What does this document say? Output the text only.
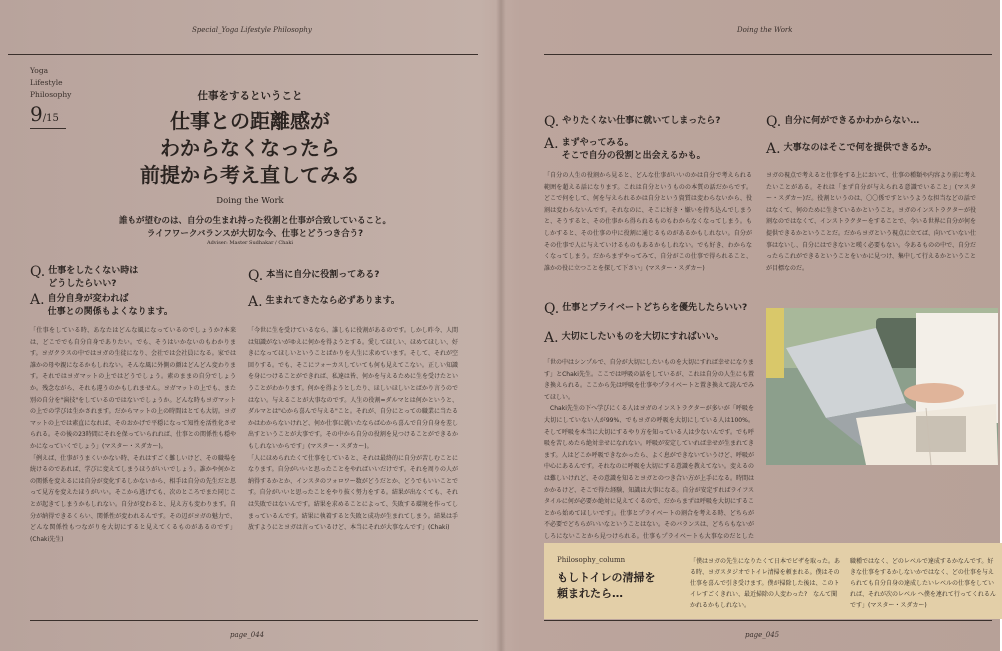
Special_Yoga Lifestyle Philosophy	Doing the Work
Yoga
Lifestyle
Philosophy
9/15
仕事をするということ
仕事との距離感が
わからなくなったら
前提から考え直してみる
Doing the Work
誰もが望むのは、自分の生まれ持った役割と仕事が合致していること。
ライフワークバランスが大切な今、仕事とどうつき合う?
Adviser: Master Sudhakar / Chaki
Q. 仕事をしたくない時は
どうしたらいい?
A. 自分自身が変われば
仕事との関係もよくなります。
「仕事をしている時、あなたはどんな風になっているのでしょうか?本来は、どこででも自分自身でありたい。でも、そうはいかないのもわかります。ヨガクラスの中ではヨガの生徒になり、会社では会社員になる。家では誰かの母や親になるかもしれない。そんな風に外側の顔はどんどん変わります。それではヨガマットの上ではどうでしょう。素のままの自分でしょうか。残念ながら、それも違うのかもしれません。ヨガマットの上でも、また別の自分を"演技"をしているのではないでしょうか。どんな時もヨガマットの上での学びは生かされます。だからマットの上の時間はとても大切。ヨガマットの上では素直になれば、そのおかげで平穏になって知性を活性化させられる。その後の23時間にそれを保っていられれば、仕事との関係性も穏やかになっていくでしょう」(マスター・スダカー)。
「例えば、仕事がうまくいかない時、それはすごく難しいけど、その職場を続けるのであれば、学びに変えてしまうほうがいいでしょう。誰かや何かとの関係を変えるには自分が変化するしかないから、相手は自分の先生だと思って見方を変えたほうがいい。そこから逃げても、次のところでまた同じことが起きてしまうかもしれない。自分が変わると、見え方も変わります。自分が納得できるくらい、関係性が変われるんです。その辺がヨガの魅力で、どんな関係性もつながりを大切にすると見えてくるものがあるのです」(Chaki先生)
Q. 本当に自分に役割ってある?
A. 生まれてきたなら必ずあります。
「今世に生を受けているなら、誰しもに役割があるのです。しかし昨今、人間は知識がないがゆえに何かを得ようとする。愛してほしい、ほめてほしい、好きになってほしいということばかりを人生に求めています。そして、それが空回りする。でも、そこにフォーカスしていても何も見えてこない。正しい知識を身につけることができれば、私達は皆、何かを与えるために生を受けたということがわかります。何かを得ようとしたり、ほしいほしいとばかり言うのではない。与えることが大事なのです。人生の役割=ダルマとは何かというと、ダルマとは"心から喜んで与える"こと。それが、自分にとっての職業に当たるかはわからないけれど、何か仕事に就いたならば心から喜んで自分自身を差し出すということが大事です。その中から自分の役割を見つけることができるかもしれないからです」(マスター・スダカー)。
「人にほめられたくて仕事をしていると、それは最終的に自分が苦しむことになります。自分がいいと思ったことをやればいいだけです。それを周りの人が納得するかとか、インスタのフォロワー数がどうだとか、どうでもいいことです。自分がいいと思ったことをやり抜く努力をする。結果が出なくても、それは失敗ではないんです。結果を求めることによって、失敗する環境を作ってしまっているんです。結果に執着すると失敗と成功が生まれてしまう。結果は手放すようにとヨガは言っているけど、本当にそれが大事なんです」(Chaki)
page_044
Q. やりたくない仕事に就いてしまったら?
A. まずやってみる。
そこで自分の役割と出会えるかも。
「自分の人生の役割から見ると、どんな仕事がいいのかは自分で考えられる範囲を超える話になります。これは自分というものの本質の話だからです。どこで何をして、何を与えられるかは自分という資質は変わらないから、役割は変わらないんです。それなのに、そこに好き・嫌いを持ち込んでしまうと、そうすると、その仕事から得られるものもわからなくなってしまう。もしかすると、その仕事の中に役割に通じるものがあるかもしれない。自分がその仕事で人に与えていけるものもあるかもしれない。でも好き、わからなくなってしまう。だからまずやってみて、自分がこの仕事で得られること、誰かの役に立つことを探して下さい」(マスター・スダカー)
Q. 自分に何ができるかわからない…
A. 大事なのはそこで何を提供できるか。
ヨガの視点で考えると仕事をする上において、仕事の種類や内容より前に考えたいことがある。それは「まず自分が与えられる意識でいること」(マスター・スダカー)だ。役割というのは、〇〇係ですというような担当などの話ではなくて、何のために生きているかということ。ヨガのインストラクターが役割なのではなくて、インストラクターをすることで、今いる世界に自分が何を提供できるかということだ。だからヨガという視点に立てば、向いていない仕事はないし、自分にはできないと嘆く必要もない。今あるものの中で、自分だったらこれができるということをいかに見つけ、集中して行えるかということが目標なのだ。
Q. 仕事とプライベートどちらを優先したらいい?
A. 大切にしたいものを大切にすればいい。
「世の中はシンプルで、自分が大切にしたいものを大切にすれば幸せになります」とChaki先生。ここでは呼吸の話をしているが、これは自分の人生にも置き換えられる。ここから先は呼吸を仕事やプライベートと置き換えて読んでみてほしい。
　Chaki先生の下へ学びにくる人はヨガのインストラクターが多いが「呼吸を大切にしていない人が99%、でもヨガの呼吸を大切にしている人は100%。そして呼吸を本当に大切にするやり方を知っている人は少ないんです。でも呼吸を苦しめたら絶対幸せになれない。呼吸が安定していれば幸せが生まれてきます。人はどこか呼吸できなかったら、よく息ができないていうけど、呼吸が中心にあるんです。それなのに呼吸を大切にする意識を教えてない。変えるのは難しいけれど、その意識を知るとヨガとのつき合い方が上手になる。時間はかかるけど、そこで得た経験、知識は大事になる。自分が安定すればライフスタイルに何が必要か絶対に見えてくるので、だからまずは呼吸を大切にすることから始めてほしいです」。仕事とプライベートの割合を考える時、どちらが不必要でどちらがいいなということはない。そのバランスは、どちらもないがしろにないことから見つけられる。仕事もプライベートも大事なのだとした
Philosophy_column
もしトイレの清掃を
頼まれたら…
「僕はヨガの先生になりたくて日本でビザを取った。ある時、ヨガスタジオでトイレ清掃を頼まれる。僕はその仕事を喜んで引き受けます。僕が掃除した後は、このトイレすごくきれい、最近掃除の人変わった?　なんて聞かれるかもしれない。
職種ではなく、どのレベルで達成するかなんです。好きな仕事をするかしないかではなく、どの仕事を与えられても自分自身の達成したいレベルの仕事をしていれば、それが次のレベル へ僕を連れて行ってくれるんです」(マスター・スダカー)
page_045
